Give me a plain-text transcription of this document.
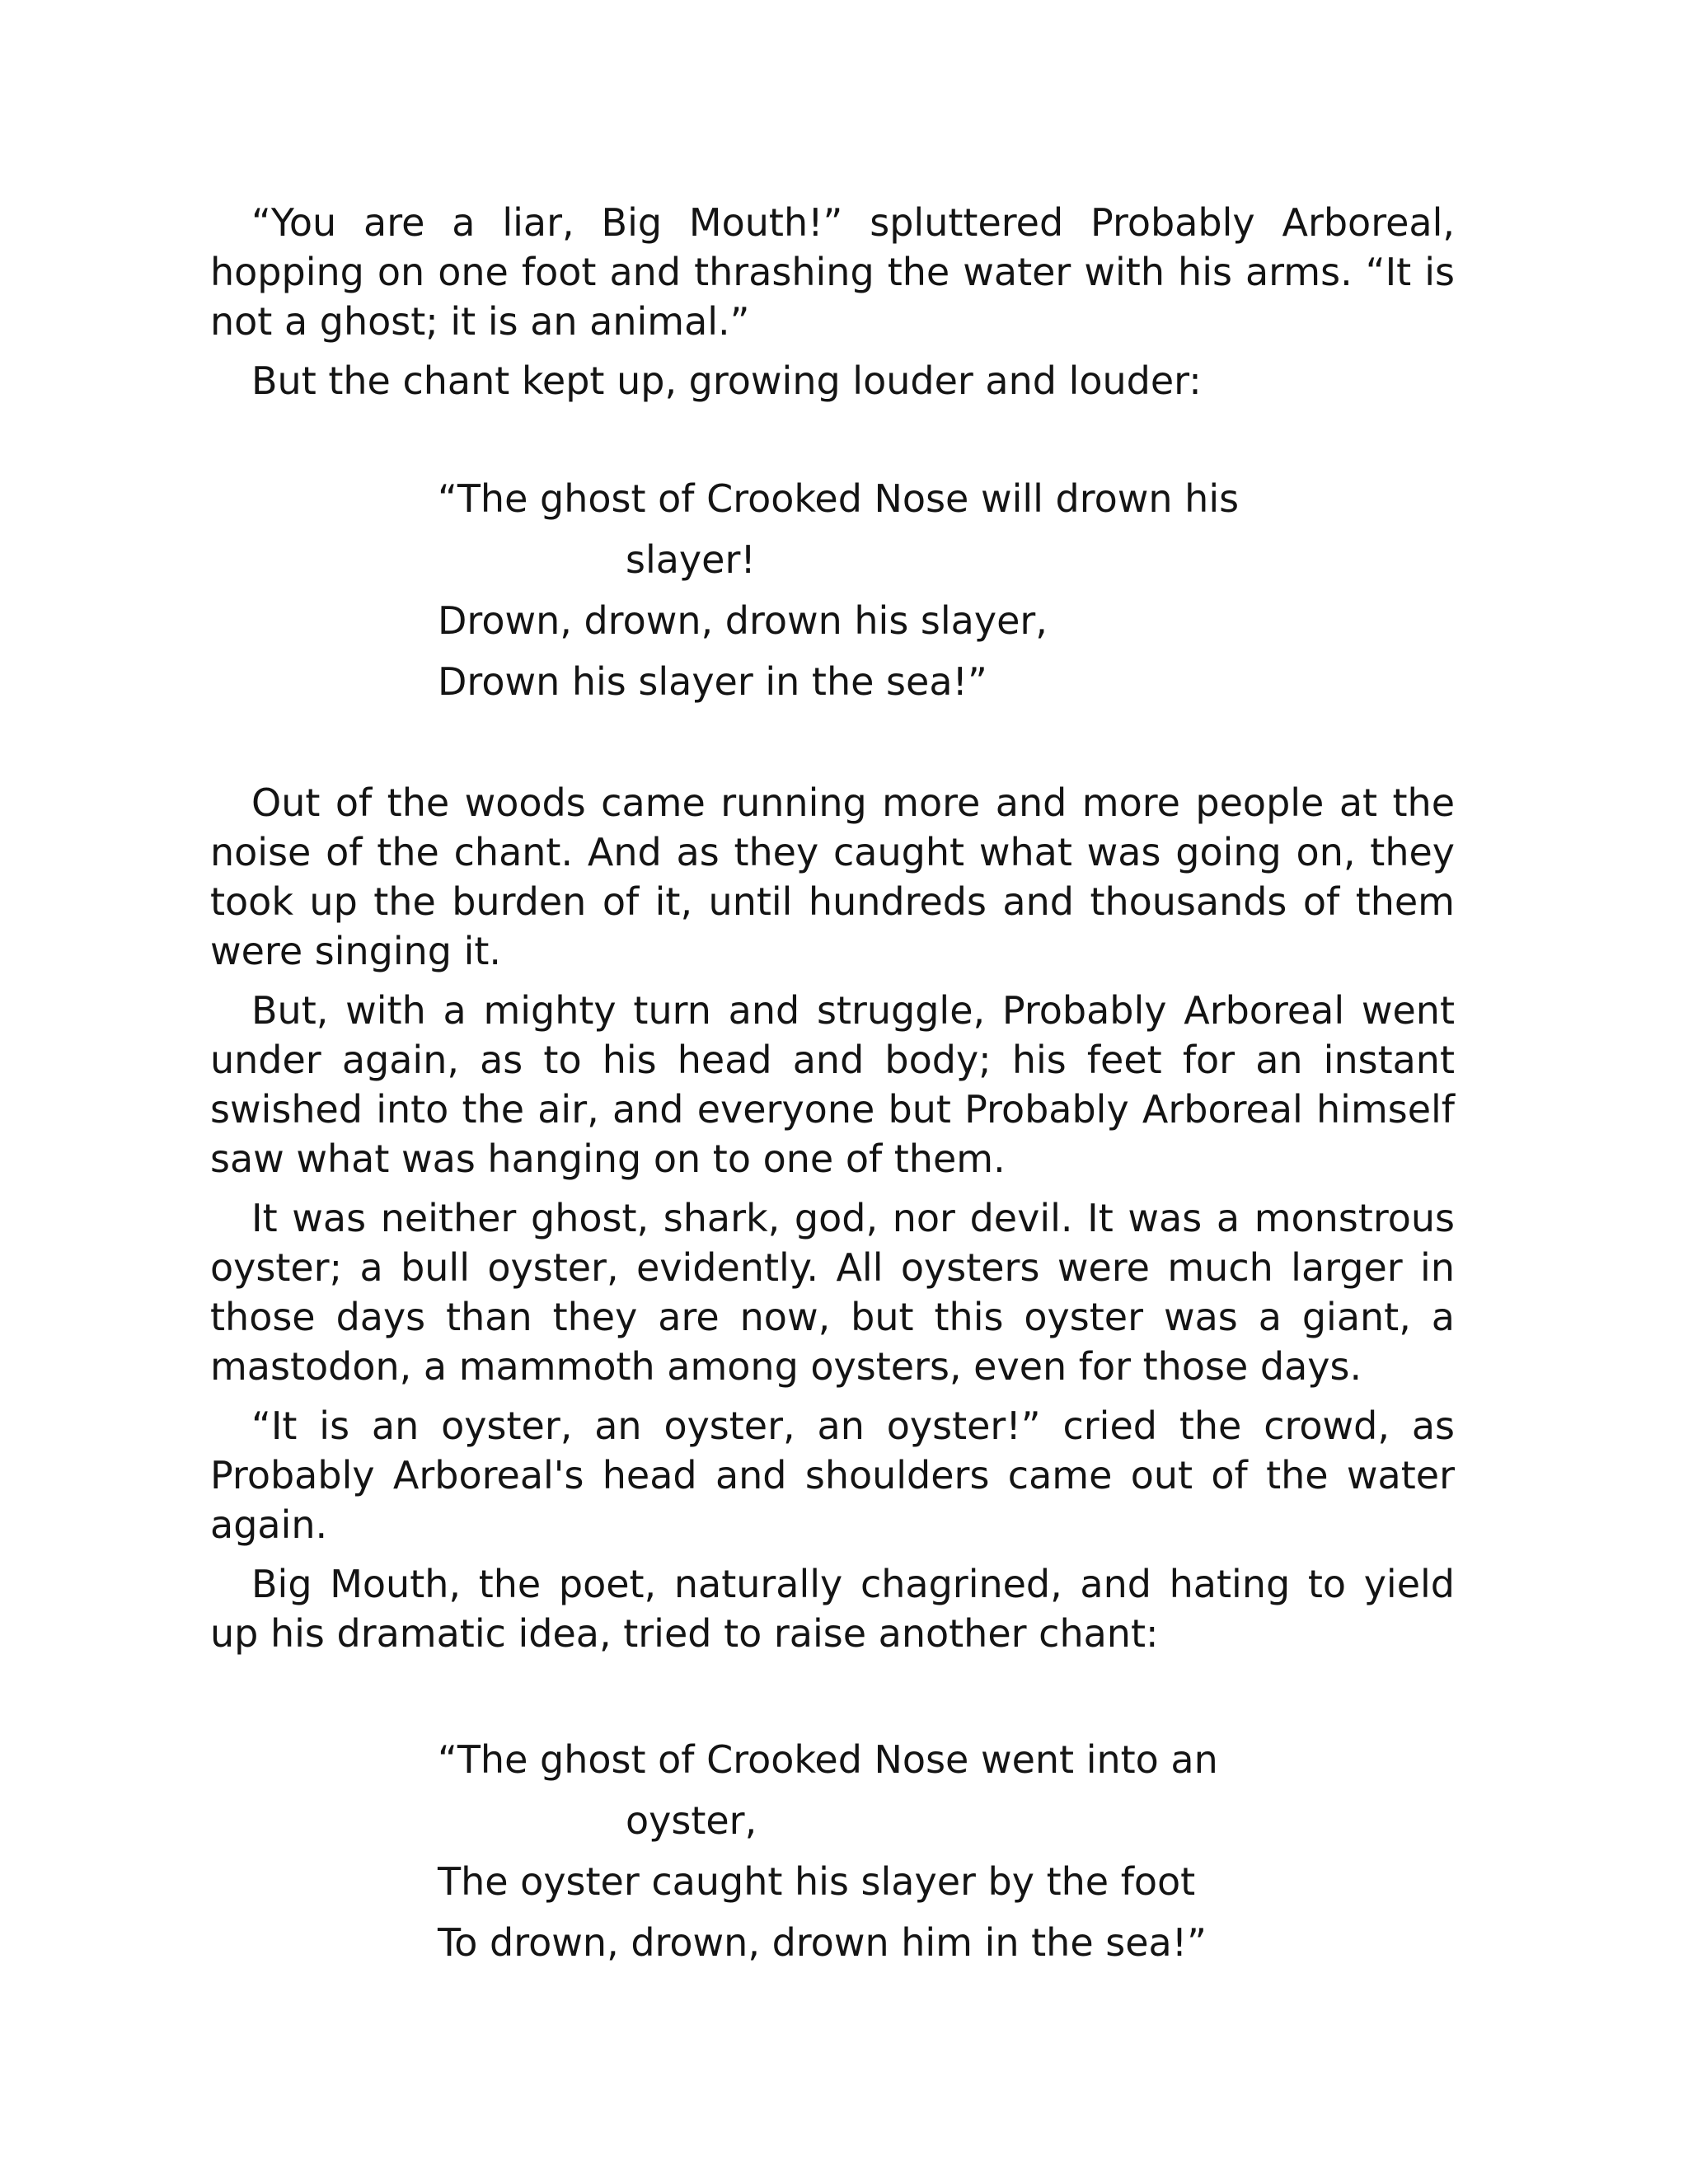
“You are a liar, Big Mouth!” spluttered Probably Arboreal, hopping on one foot and thrashing the water with his arms. “It is not a ghost; it is an animal.”

But the chant kept up, growing louder and louder:

“The ghost of Crooked Nose will drown his
slayer!
Drown, drown, drown his slayer,
Drown his slayer in the sea!”

Out of the woods came running more and more people at the noise of the chant. And as they caught what was going on, they took up the burden of it, until hundreds and thousands of them were singing it.

But, with a mighty turn and struggle, Probably Arboreal went under again, as to his head and body; his feet for an instant swished into the air, and everyone but Probably Arboreal himself saw what was hanging on to one of them.

It was neither ghost, shark, god, nor devil. It was a monstrous oyster; a bull oyster, evidently. All oysters were much larger in those days than they are now, but this oyster was a giant, a mastodon, a mammoth among oysters, even for those days.

“It is an oyster, an oyster, an oyster!” cried the crowd, as Probably Arboreal's head and shoulders came out of the water again.

Big Mouth, the poet, naturally chagrined, and hating to yield up his dramatic idea, tried to raise another chant:

“The ghost of Crooked Nose went into an
oyster,
The oyster caught his slayer by the foot
To drown, drown, drown him in the sea!”
